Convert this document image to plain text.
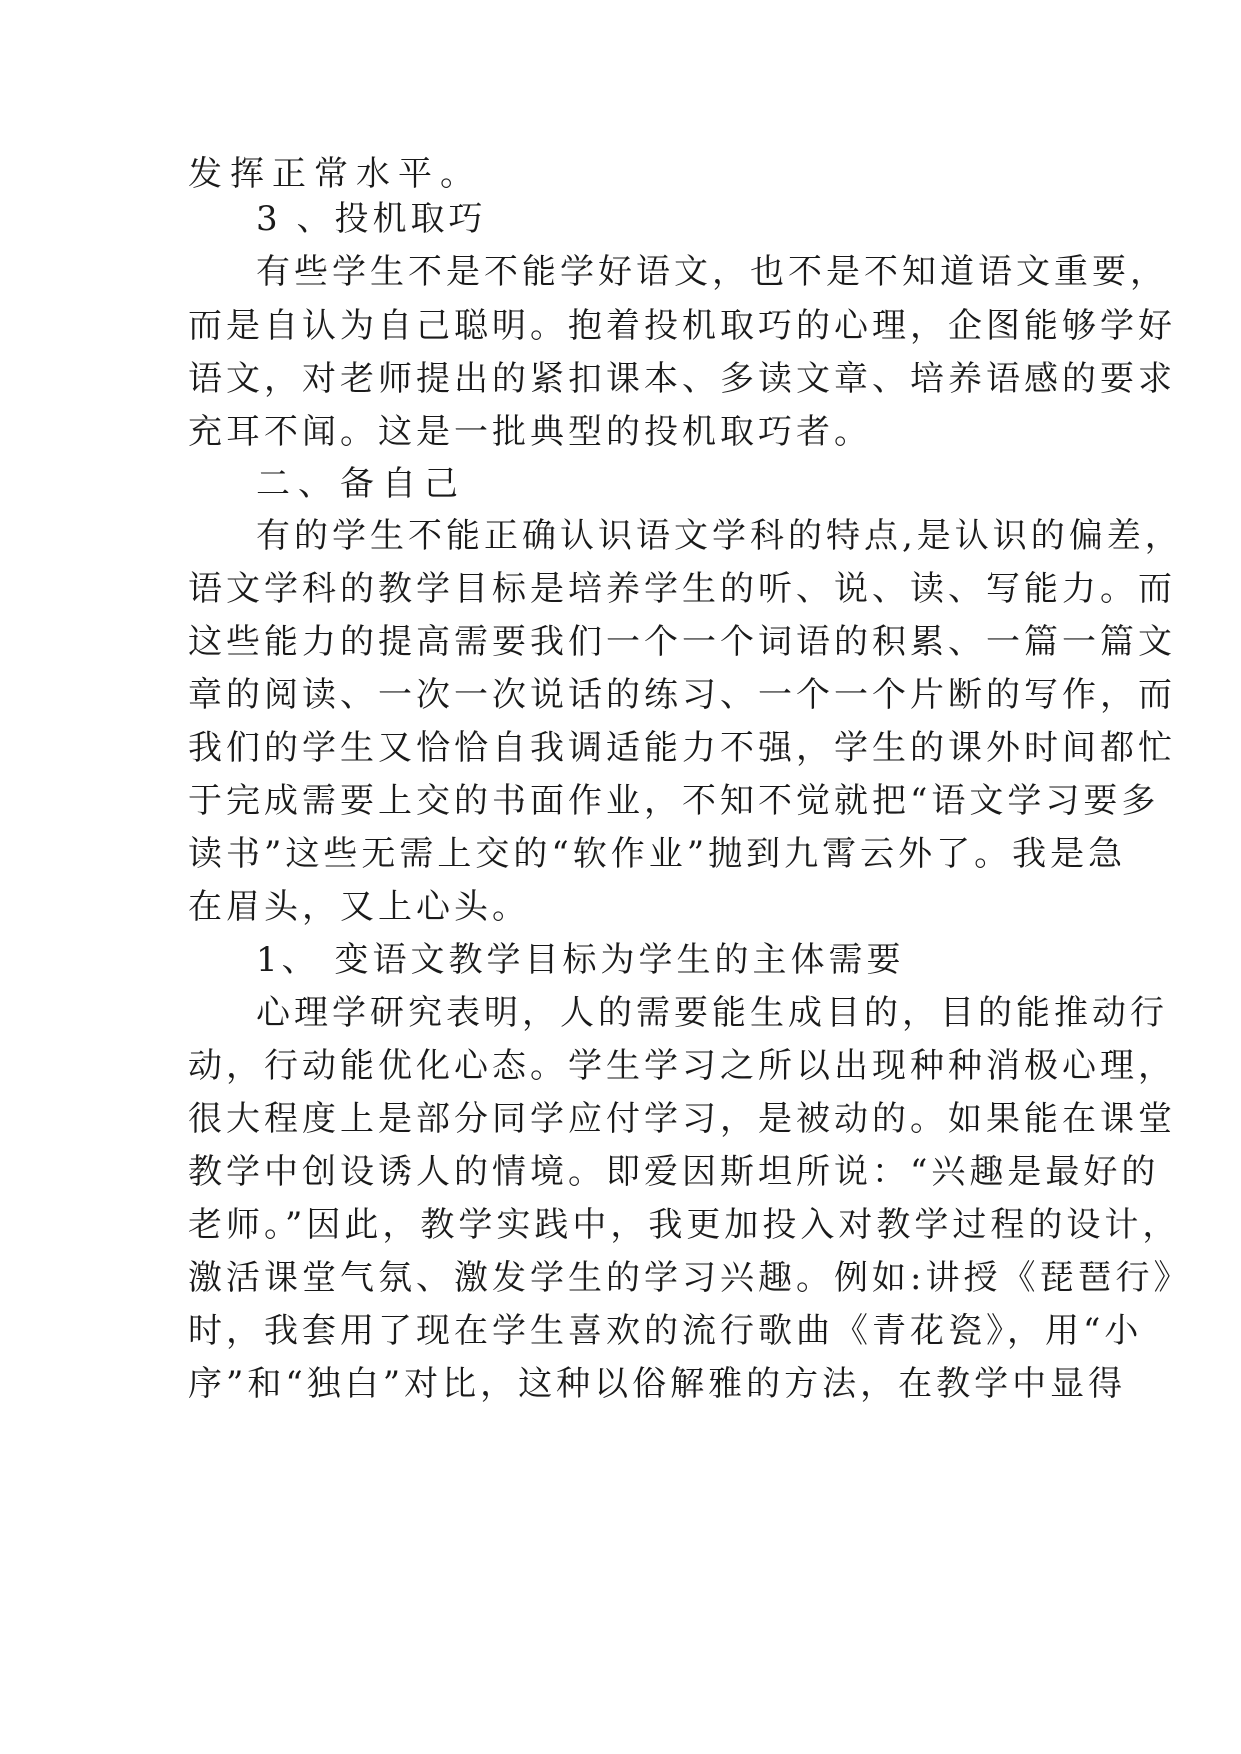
发挥正常水平。
3 、投机取巧
有些学生不是不能学好语文，也不是不知道语文重要，
而是自认为自己聪明。抱着投机取巧的心理，企图能够学好
语文，对老师提出的紧扣课本、多读文章、培养语感的要求
充耳不闻。这是一批典型的投机取巧者。
二、备自己
有的学生不能正确认识语文学科的特点,是认识的偏差，
语文学科的教学目标是培养学生的听、说、读、写能力。而
这些能力的提高需要我们一个一个词语的积累、一篇一篇文
章的阅读、一次一次说话的练习、一个一个片断的写作，而
我们的学生又恰恰自我调适能力不强，学生的课外时间都忙
于完成需要上交的书面作业，不知不觉就把“语文学习要多
读书”这些无需上交的“软作业”抛到九霄云外了。我是急
在眉头，又上心头。
1、 变语文教学目标为学生的主体需要
心理学研究表明，人的需要能生成目的，目的能推动行
动，行动能优化心态。学生学习之所以出现种种消极心理，
很大程度上是部分同学应付学习，是被动的。如果能在课堂
教学中创设诱人的情境。即爱因斯坦所说：“兴趣是最好的
老师。”因此，教学实践中，我更加投入对教学过程的设计，
激活课堂气氛、激发学生的学习兴趣。例如:讲授《琵琶行》
时，我套用了现在学生喜欢的流行歌曲《青花瓷》，用“小
序”和“独白”对比，这种以俗解雅的方法，在教学中显得
